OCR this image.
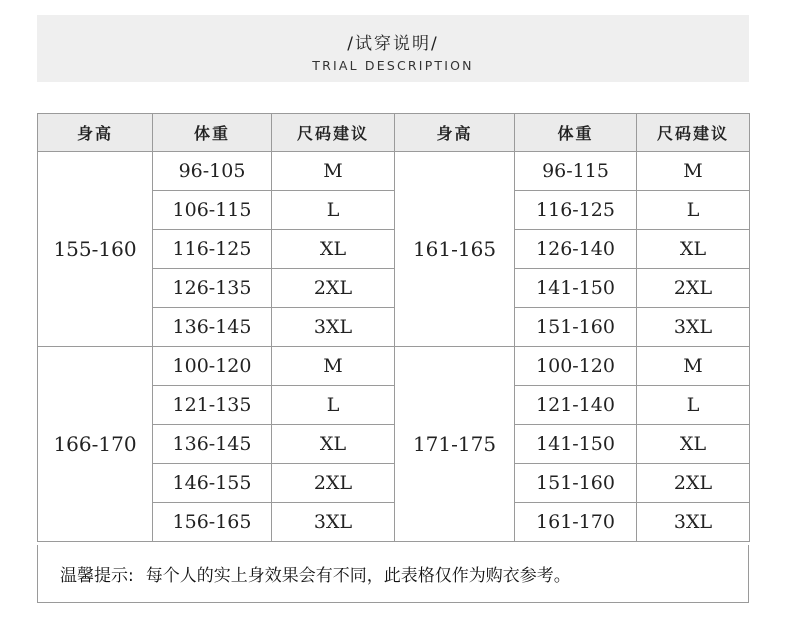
/试穿说明/
TRIAL DESCRIPTION
身高	体重	尺码建议	身高	体重	尺码建议
155-160	96-105	M	161-165	96-115	M
	106-115	L		116-125	L
	116-125	XL		126-140	XL
	126-135	2XL		141-150	2XL
	136-145	3XL		151-160	3XL
166-170	100-120	M	171-175	100-120	M
	121-135	L		121-140	L
	136-145	XL		141-150	XL
	146-155	2XL		151-160	2XL
	156-165	3XL		161-170	3XL
温馨提示: 每个人的实上身效果会有不同，此表格仅作为购衣参考。
